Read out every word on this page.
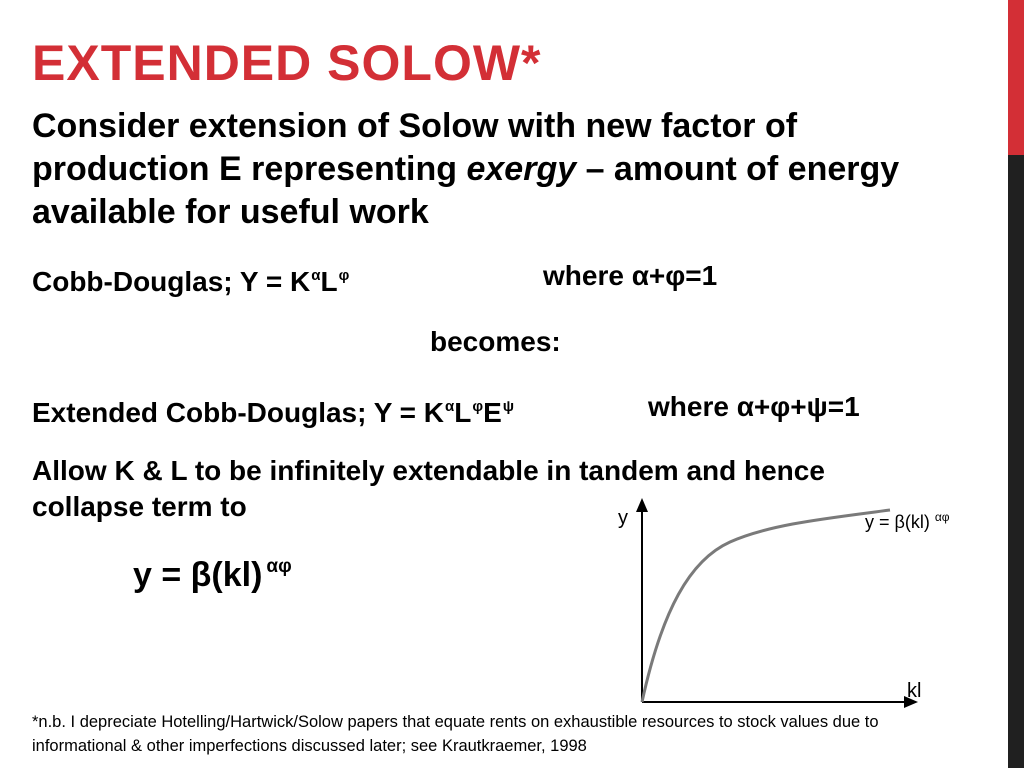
EXTENDED SOLOW*

Consider extension of Solow with new factor of production E representing exergy – amount of energy available for useful work

Cobb-Douglas; $Y = K^\alpha L^\varphi$	where α+φ=1
becomes:
Extended Cobb-Douglas; $Y = K^\alpha L^\varphi E^\psi$	where α+φ+ψ=1

Allow K & L to be infinitely extendable in tandem and hence collapse term to

y = β(kl) $^{\alpha\varphi}$
y
kl
y = β(kl) $^{\alpha\varphi}$

*n.b. I depreciate Hotelling/Hartwick/Solow papers that equate rents on exhaustible resources to stock values due to informational & other imperfections discussed later; see Krautkraemer, 1998
